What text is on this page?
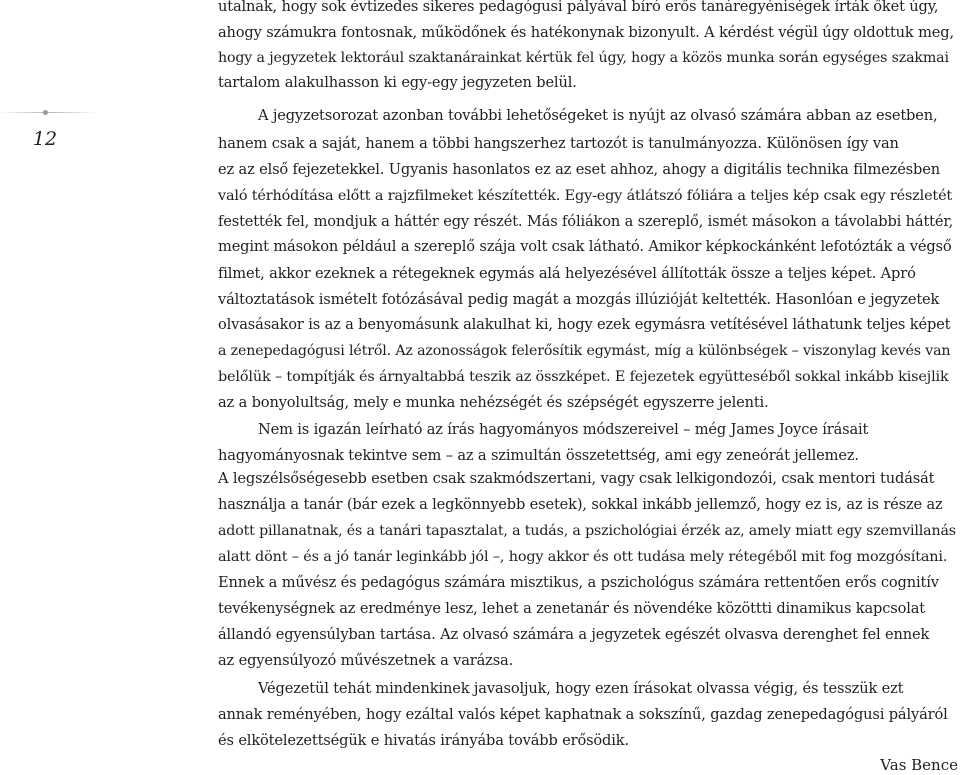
12
utalnak, hogy sok évtizedes sikeres pedagógusi pályával bíró erős tanáregyéniségek írták őket úgy,
ahogy számukra fontosnak, működőnek és hatékonynak bizonyult. A kérdést végül úgy oldottuk meg,
hogy a jegyzetek lektorául szaktanárainkat kértük fel úgy, hogy a közös munka során egységes szakmai
tartalom alakulhasson ki egy-egy jegyzeten belül.
A jegyzetsorozat azonban további lehetőségeket is nyújt az olvasó számára abban az esetben,
hanem csak a saját, hanem a többi hangszerhez tartozót is tanulmányozza. Különösen így van
ez az első fejezetekkel. Ugyanis hasonlatos ez az eset ahhoz, ahogy a digitális technika filmezésben
való térhódítása előtt a rajzfilmeket készítették. Egy-egy átlátszó fóliára a teljes kép csak egy részletét
festették fel, mondjuk a háttér egy részét. Más fóliákon a szereplő, ismét másokon a távolabbi háttér,
megint másokon például a szereplő szája volt csak látható. Amikor képkockánként lefotózták a végső
filmet, akkor ezeknek a rétegeknek egymás alá helyezésével állították össze a teljes képet. Apró
változtatások ismételt fotózásával pedig magát a mozgás illúzióját keltették. Hasonlóan e jegyzetek
olvasásakor is az a benyomásunk alakulhat ki, hogy ezek egymásra vetítésével láthatunk teljes képet
a zenepedagógusi létről. Az azonosságok felerősítik egymást, míg a különbségek – viszonylag kevés van
belőlük – tompítják és árnyaltabbá teszik az összképet. E fejezetek együtteséből sokkal inkább kisejlik
az a bonyolultság, mely e munka nehézségét és szépségét egyszerre jelenti.
Nem is igazán leírható az írás hagyományos módszereivel – még James Joyce írásait
hagyományosnak tekintve sem – az a szimultán összetettség, ami egy zeneórát jellemez.
A legszélsőségesebb esetben csak szakmódszertani, vagy csak lelkigondozói, csak mentori tudását
használja a tanár (bár ezek a legkönnyebb esetek), sokkal inkább jellemző, hogy ez is, az is része az
adott pillanatnak, és a tanári tapasztalat, a tudás, a pszichológiai érzék az, amely miatt egy szemvillanás
alatt dönt – és a jó tanár leginkább jól –, hogy akkor és ott tudása mely rétegéből mit fog mozgósítani.
Ennek a művész és pedagógus számára misztikus, a pszichológus számára rettentően erős cognitív
tevékenységnek az eredménye lesz, lehet a zenetanár és növendéke közöttti dinamikus kapcsolat
állandó egyensúlyban tartása. Az olvasó számára a jegyzetek egészét olvasva derenghet fel ennek
az egyensúlyozó művészetnek a varázsa.
Végezetül tehát mindenkinek javasoljuk, hogy ezen írásokat olvassa végig, és tesszük ezt
annak reményében, hogy ezáltal valós képet kaphatnak a sokszínű, gazdag zenepedagógusi pályáról
és elkötelezettségük e hivatás irányába tovább erősödik.
Vas Bence
